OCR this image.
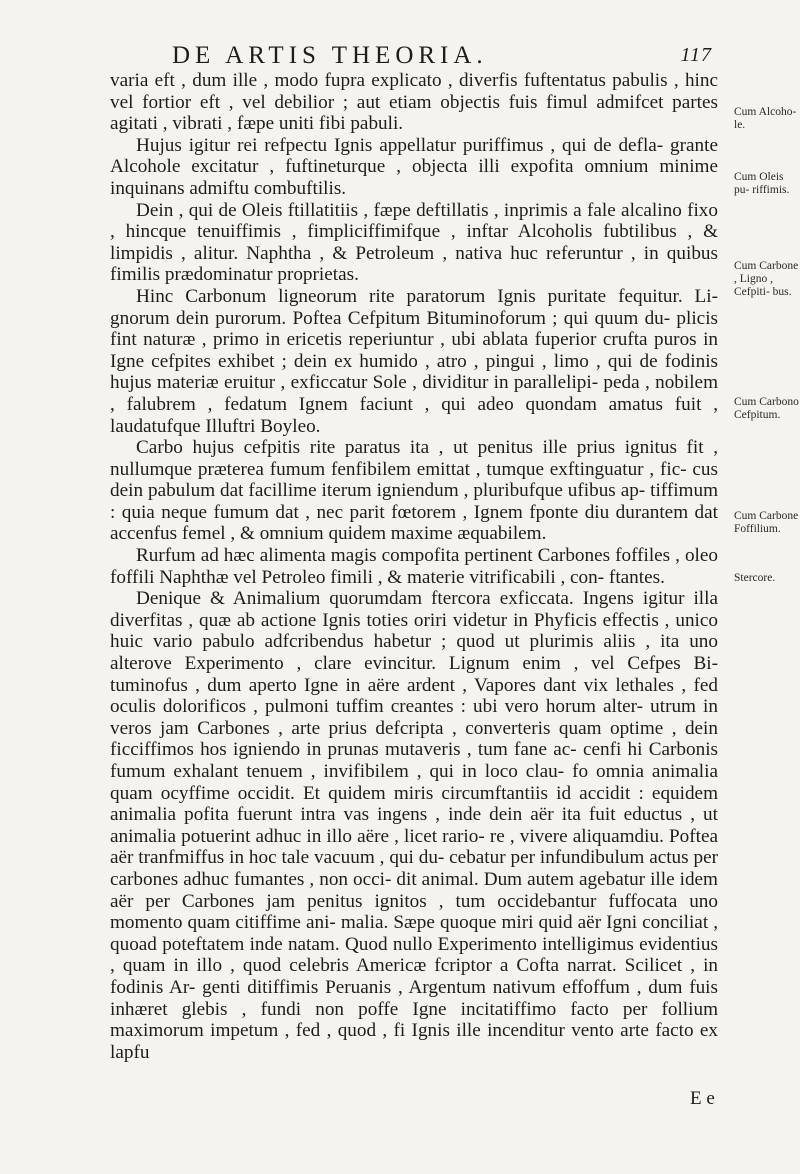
DE ARTIS THEORIA.	117

varia eft , dum ille , modo fupra explicato , diverfis fuftentatus pabulis , hinc vel fortior eft , vel debilior ; aut etiam objectis fuis fimul admifcet partes agitati , vibrati , fæpe uniti fibi pabuli.

Hujus igitur rei refpectu Ignis appellatur puriffimus , qui de defla- grante Alcohole excitatur , fuftineturque , objecta illi expofita omnium minime inquinans admiftu combuftilis.

Dein , qui de Oleis ftillatitiis , fæpe deftillatis , inprimis a fale alcalino fixo , hincque tenuiffimis , fimpliciffimifque , inftar Alcoholis fubtilibus , & limpidis , alitur. Naphtha , & Petroleum , nativa huc referuntur , in quibus fimilis prædominatur proprietas.

Hinc Carbonum ligneorum rite paratorum Ignis puritate fequitur. Li- gnorum dein purorum. Poftea Cefpitum Bituminoforum ; qui quum du- plicis fint naturæ , primo in ericetis reperiuntur , ubi ablata fuperior crufta puros in Igne cefpites exhibet ; dein ex humido , atro , pingui , limo , qui de fodinis hujus materiæ eruitur , exficcatur Sole , dividitur in parallelipi- peda , nobilem , falubrem , fedatum Ignem faciunt , qui adeo quondam amatus fuit , laudatufque Illuftri Boyleo.

Carbo hujus cefpitis rite paratus ita , ut penitus ille prius ignitus fit , nullumque præterea fumum fenfibilem emittat , tumque exftinguatur , fic- cus dein pabulum dat facillime iterum igniendum , pluribufque ufibus ap- tiffimum : quia neque fumum dat , nec parit fœtorem , Ignem fponte diu durantem dat accenfus femel , & omnium quidem maxime æquabilem.

Rurfum ad hæc alimenta magis compofita pertinent Carbones foffiles , oleo foffili Naphthæ vel Petroleo fimili , & materie vitrificabili , con- ftantes.

Denique & Animalium quorumdam ftercora exficcata. Ingens igitur illa diverfitas , quæ ab actione Ignis toties oriri videtur in Phyficis effectis , unico huic vario pabulo adfcribendus habetur ; quod ut plurimis aliis , ita uno alterove Experimento , clare evincitur. Lignum enim , vel Cefpes Bi- tuminofus , dum aperto Igne in aëre ardent , Vapores dant vix lethales , fed oculis dolorificos , pulmoni tuffim creantes : ubi vero horum alter- utrum in veros jam Carbones , arte prius defcripta , converteris quam optime , dein ficciffimos hos igniendo in prunas mutaveris , tum fane ac- cenfi hi Carbonis fumum exhalant tenuem , invifibilem , qui in loco clau- fo omnia animalia quam ocyffime occidit. Et quidem miris circumftantiis id accidit : equidem animalia pofita fuerunt intra vas ingens , inde dein aër ita fuit eductus , ut animalia potuerint adhuc in illo aëre , licet rario- re , vivere aliquamdiu. Poftea aër tranfmiffus in hoc tale vacuum , qui du- cebatur per infundibulum actus per carbones adhuc fumantes , non occi- dit animal. Dum autem agebatur ille idem aër per Carbones jam penitus ignitos , tum occidebantur fuffocata uno momento quam citiffime ani- malia. Sæpe quoque miri quid aër Igni conciliat , quoad poteftatem inde natam. Quod nullo Experimento intelligimus evidentius , quam in illo , quod celebris Americæ fcriptor a Cofta narrat. Scilicet , in fodinis Ar- genti ditiffimis Peruanis , Argentum nativum effoffum , dum fuis inhæret glebis , fundi non poffe Igne incitatiffimo facto per follium maximorum impetum , fed , quod , fi Ignis ille incenditur vento arte facto ex lapfu

Cum Alcoho- le.
Cum Oleis pu- riffimis.
Cum Carbone , Ligno , Cefpiti- bus.
Cum Carbono Cefpitum.
Cum Carbone Foffilium.
Stercore.
E e
